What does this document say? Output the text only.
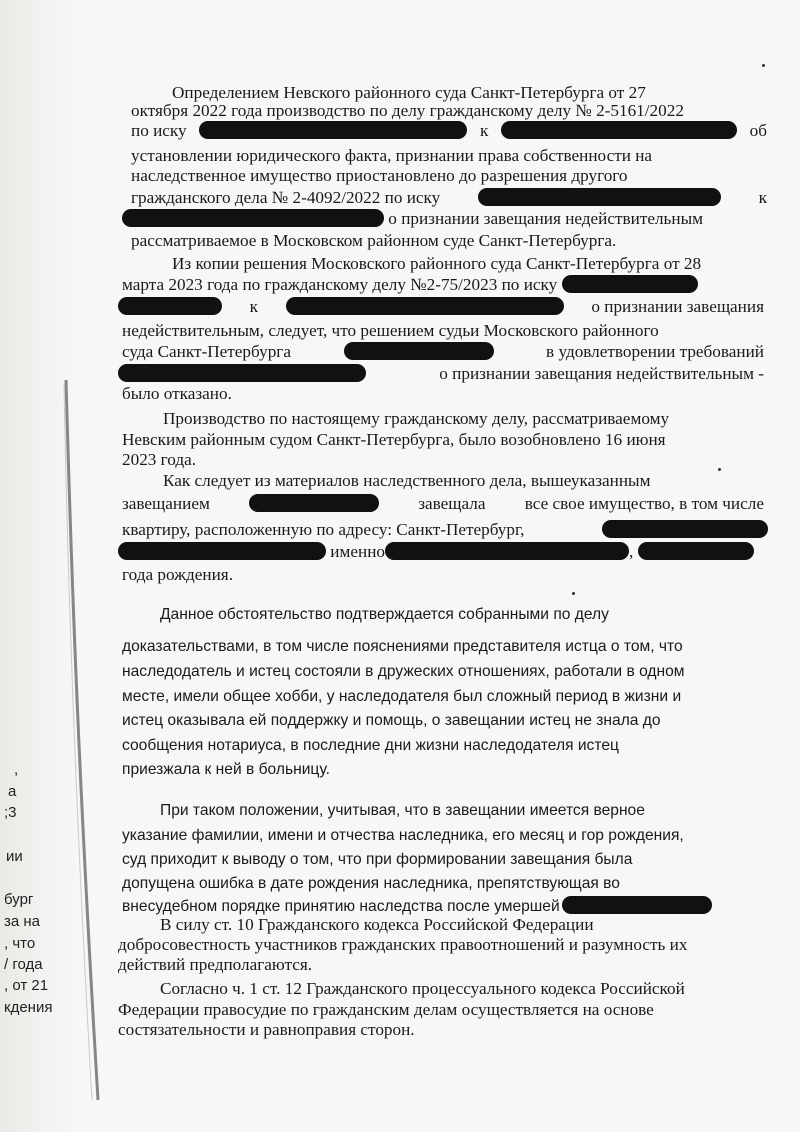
,
а
;3
ии
бург
за на
, что
/ года
, от 21
кдения
Определением Невского районного суда Санкт-Петербурга от 27
октября 2022 года производство по делу гражданскому делу № 2-5161/2022
по иску	к	об
установлении юридического факта, признании права собственности на
наследственное имущество приостановлено до разрешения другого
гражданского дела № 2-4092/2022 по иску	к
о признании завещания недействительным
рассматриваемое в Московском районном суде Санкт-Петербурга.
Из копии решения Московского районного суда Санкт-Петербурга от 28
марта 2023 года по гражданскому делу №2-75/2023 по иску
к	о признании завещания
недействительным, следует, что решением судьи Московского районного
суда Санкт-Петербурга	в удовлетворении требований
о признании завещания недействительным -
было отказано.
Производство по настоящему гражданскому делу, рассматриваемому
Невским районным судом Санкт-Петербурга, было возобновлено 16 июня
2023 года.
Как следует из материалов наследственного дела, вышеуказанным
завещанием	завещала все свое имущество, в том числе
квартиру, расположенную по адресу: Санкт-Петербург,
именно	,
года рождения.
Данное обстоятельство подтверждается собранными по делу
доказательствами, в том числе пояснениями представителя истца о том, что
наследодатель и истец состояли в дружеских отношениях, работали в одном
месте, имели общее хобби, у наследодателя был сложный период в жизни и
истец оказывала ей поддержку и помощь, о завещании истец не знала до
сообщения нотариуса, в последние дни жизни наследодателя истец
приезжала к ней в больницу.
При таком положении, учитывая, что в завещании имеется верное
указание фамилии, имени и отчества наследника, его месяц и гор рождения,
суд приходит к выводу о том, что при формировании завещания была
допущена ошибка в дате рождения наследника, препятствующая во
внесудебном порядке принятию наследства после умершей
В силу ст. 10 Гражданского кодекса Российской Федерации
добросовестность участников гражданских правоотношений и разумность их
действий предполагаются.
Согласно ч. 1 ст. 12 Гражданского процессуального кодекса Российской
Федерации правосудие по гражданским делам осуществляется на основе
состязательности и равноправия сторон.
